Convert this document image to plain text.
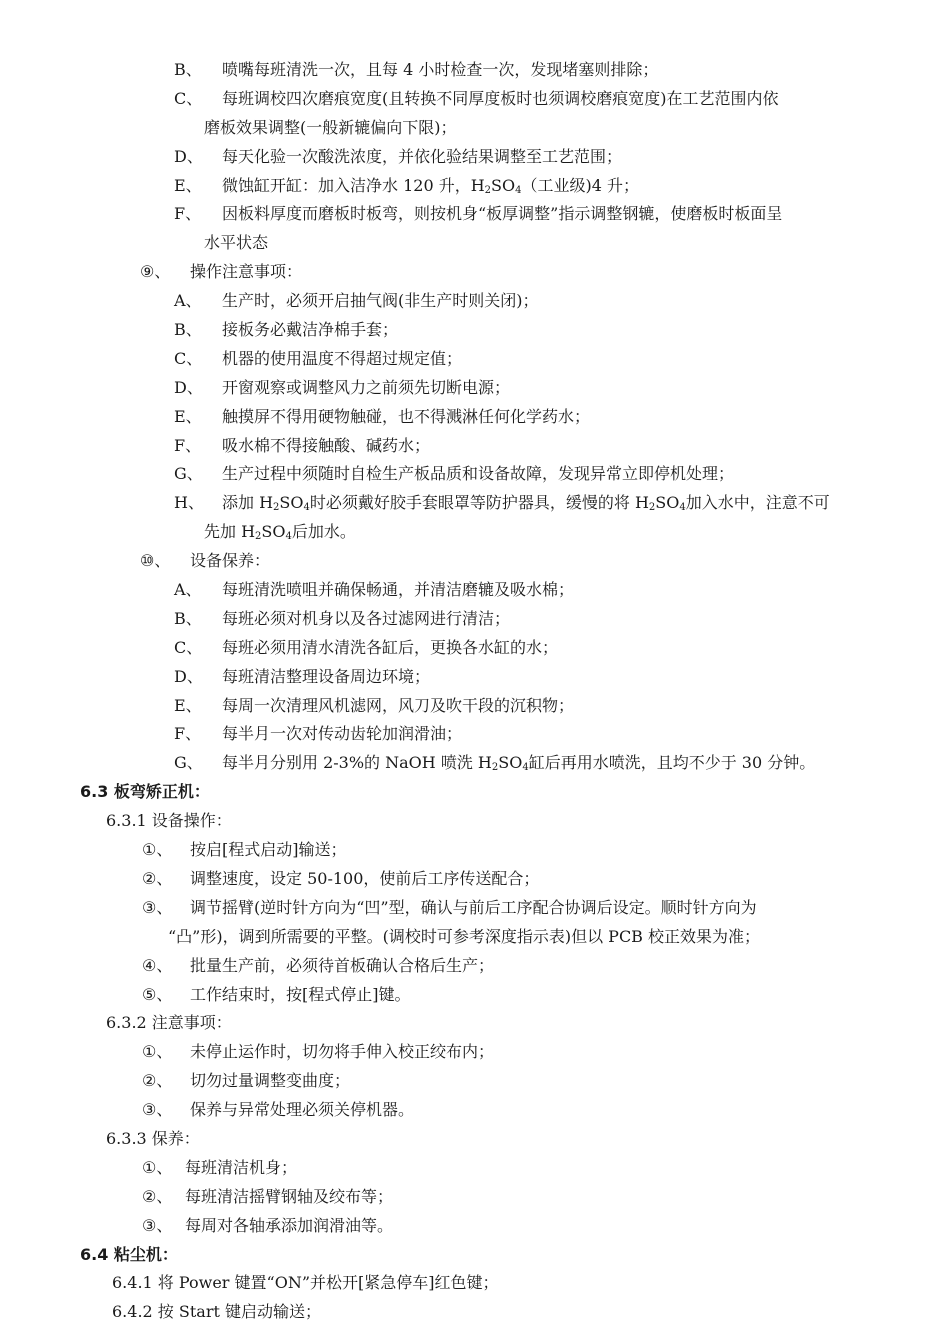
B、 喷嘴每班清洗一次，且每 4 小时检查一次，发现堵塞则排除；
C、 每班调校四次磨痕宽度(且转换不同厚度板时也须调校磨痕宽度)在工艺范围内依
磨板效果调整(一般新辘偏向下限)；
D、 每天化验一次酸洗浓度，并依化验结果调整至工艺范围；
E、 微蚀缸开缸：加入洁净水 120 升，$H_2SO_4$（工业级)4 升；
F、 因板料厚度而磨板时板弯，则按机身“板厚调整”指示调整钢辘，使磨板时板面呈
水平状态
⑨、 操作注意事项：
A、 生产时，必须开启抽气阀(非生产时则关闭)；
B、 接板务必戴洁净棉手套；
C、 机器的使用温度不得超过规定值；
D、 开窗观察或调整风力之前须先切断电源；
E、 触摸屏不得用硬物触碰，也不得溅淋任何化学药水；
F、 吸水棉不得接触酸、碱药水；
G、 生产过程中须随时自检生产板品质和设备故障，发现异常立即停机处理；
H、 添加 $H_2SO_4$时必须戴好胶手套眼罩等防护器具，缓慢的将 $H_2SO_4$加入水中，注意不可
先加 $H_2SO_4$后加水。
⑩、 设备保养：
A、 每班清洗喷咀并确保畅通，并清洁磨辘及吸水棉；
B、 每班必须对机身以及各过滤网进行清洁；
C、 每班必须用清水清洗各缸后，更换各水缸的水；
D、 每班清洁整理设备周边环境；
E、 每周一次清理风机滤网，风刀及吹干段的沉积物；
F、 每半月一次对传动齿轮加润滑油；
G、 每半月分别用 2-3%的 NaOH 喷洗 $H_2SO_4$缸后再用水喷洗，且均不少于 30 分钟。
6.3 板弯矫正机：
6.3.1 设备操作：
①、 按启[程式启动]输送；
②、 调整速度，设定 50-100，使前后工序传送配合；
③、 调节摇臂(逆时针方向为“凹”型，确认与前后工序配合协调后设定。顺时针方向为
“凸”形)，调到所需要的平整。(调校时可参考深度指示表)但以 PCB 校正效果为准；
④、 批量生产前，必须待首板确认合格后生产；
⑤、 工作结束时，按[程式停止]键。
6.3.2 注意事项：
①、 未停止运作时，切勿将手伸入校正绞布内；
②、 切勿过量调整变曲度；
③、 保养与异常处理必须关停机器。
6.3.3 保养：
①、 每班清洁机身；
②、 每班清洁摇臂钢轴及绞布等；
③、 每周对各轴承添加润滑油等。
6.4 粘尘机：
6.4.1 将 Power 键置“ON”并松开[紧急停车]红色键；
6.4.2 按 Start 键启动输送；
